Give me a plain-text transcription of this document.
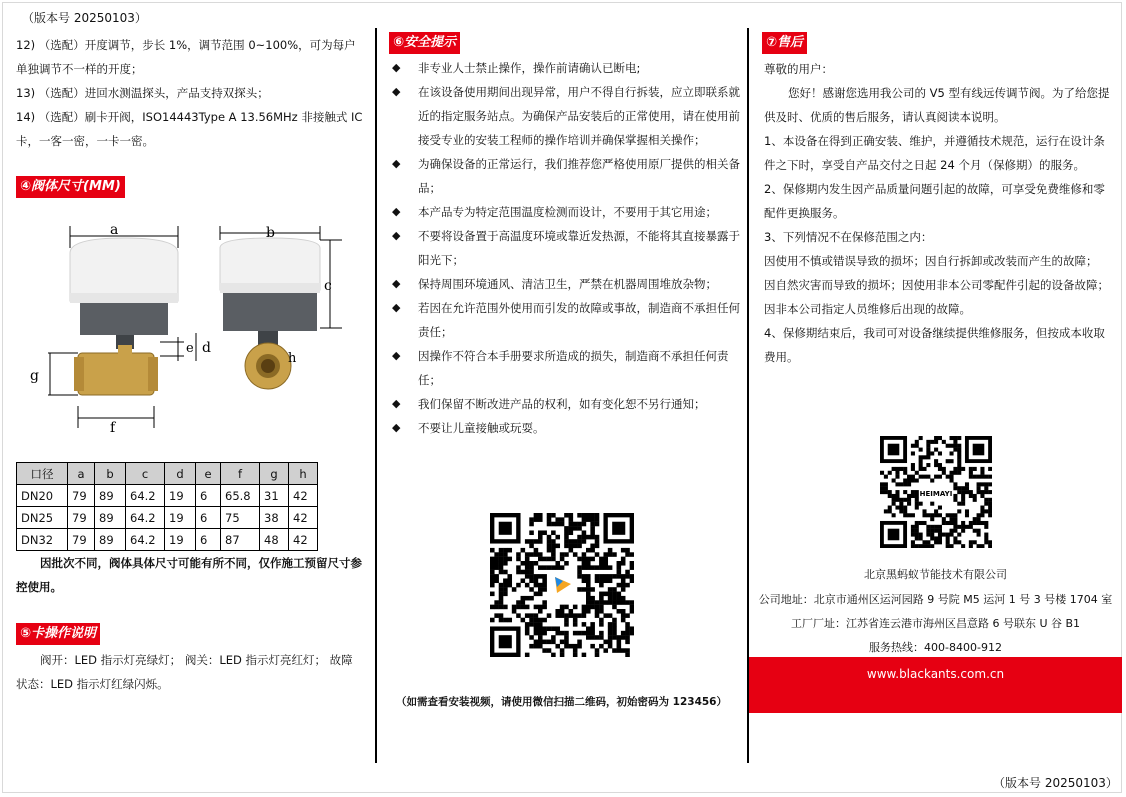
（版本号 20250103）
12) （选配）开度调节，步长 1%，调节范围 0~100%，可为每户单独调节不一样的开度；
13) （选配）进回水测温探头，产品支持双探头；
14) （选配）刷卡开阀，ISO14443Type A 13.56MHz 非接触式 IC 卡，一客一密，一卡一密。
④阀体尺寸(MM)
a
g
f
e d
b
c
h
口径	a	b	c	d	e	f	g	h
DN20	79	89	64.2	19	6	65.8	31	42
DN25	79	89	64.2	19	6	75	38	42
DN32	79	89	64.2	19	6	87	48	42
因批次不同，阀体具体尺寸可能有所不同，仅作施工预留尺寸参控使用。
⑤卡操作说明
阀开：LED 指示灯亮绿灯； 阀关：LED 指示灯亮红灯； 故障状态：LED 指示灯红绿闪烁。
⑥安全提示
◆ 非专业人士禁止操作，操作前请确认已断电;
◆ 在该设备使用期间出现异常，用户不得自行拆装，应立即联系就近的指定服务站点。为确保产品安装后的正常使用，请在使用前接受专业的安装工程师的操作培训并确保掌握相关操作；
◆ 为确保设备的正常运行，我们推荐您严格使用原厂提供的相关备品；
◆ 本产品专为特定范围温度检测而设计，不要用于其它用途；
◆ 不要将设备置于高温度环境或靠近发热源，不能将其直接暴露于阳光下；
◆ 保持周围环境通风、清洁卫生，严禁在机器周围堆放杂物；
◆ 若因在允许范围外使用而引发的故障或事故，制造商不承担任何责任；
◆ 因操作不符合本手册要求所造成的损失，制造商不承担任何责任；
◆ 我们保留不断改进产品的权利，如有变化恕不另行通知；
◆ 不要让儿童接触或玩耍。
（如需查看安装视频，请使用微信扫描二维码，初始密码为 123456）
⑦售后
尊敬的用户：
您好！感谢您选用我公司的 V5 型有线远传调节阀。为了给您提供及时、优质的售后服务，请认真阅读本说明。
1、本设备在得到正确安装、维护，并遵循技术规范，运行在设计条件之下时，享受自产品交付之日起 24 个月（保修期）的服务。
2、保修期内发生因产品质量问题引起的故障，可享受免费维修和零配件更换服务。
3、下列情况不在保修范围之内：
因使用不慎或错误导致的损坏；因自行拆卸或改装而产生的故障；
因自然灾害而导致的损坏；因使用非本公司零配件引起的设备故障；
因非本公司指定人员维修后出现的故障。
4、保修期结束后，我司可对设备继续提供维修服务，但按成本收取费用。
HEIMAYI
北京黑蚂蚁节能技术有限公司
公司地址：北京市通州区运河园路 9 号院 M5 运河 1 号 3 号楼 1704 室
工厂厂址：江苏省连云港市海州区昌意路 6 号联东 U 谷 B1
服务热线：400-8400-912
www.blackants.com.cn
（版本号 20250103）
